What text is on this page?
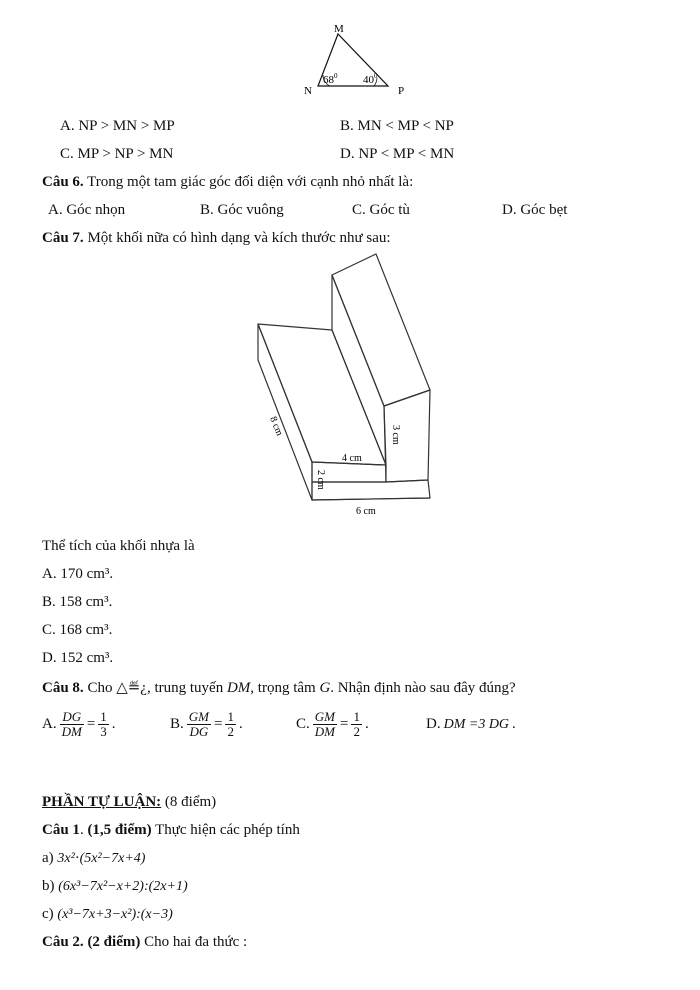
M
N	P
$68^0$ $40^0$
A. NP > MN > MP	B. MN < MP < NP
C. MP > NP > MN	D. NP < MP < MN
Câu 6. Trong một tam giác góc đối diện với cạnh nhỏ nhất là:
A. Góc nhọn	B. Góc vuông	C. Góc tù	D. Góc bẹt
Câu 7. Một khối nữa có hình dạng và kích thước như sau:
8 cm
4 cm
3 cm
2 cm
6 cm
Thể tích của khối nhựa là
A. 170 cm³.
B. 158 cm³.
C. 168 cm³.
D. 152 cm³.
Câu 8. Cho △≝¿, trung tuyến DM, trọng tâm G. Nhận định nào sau đây đúng?
A. $\frac{DG}{DM} = \frac{1}{3}$ .	B. $\frac{GM}{DG} = \frac{1}{2}$ .	C. $\frac{GM}{DM} = \frac{1}{2}$ .	D. DM =3 DG .
PHẦN TỰ LUẬN: (8 điểm)
Câu 1. (1,5 điểm) Thực hiện các phép tính
a) 3x²⋅(5x²−7x+4)
b) (6x³−7x²−x+2):(2x+1)
c) (x³−7x+3−x²):(x−3)
Câu 2. (2 điểm) Cho hai đa thức :
